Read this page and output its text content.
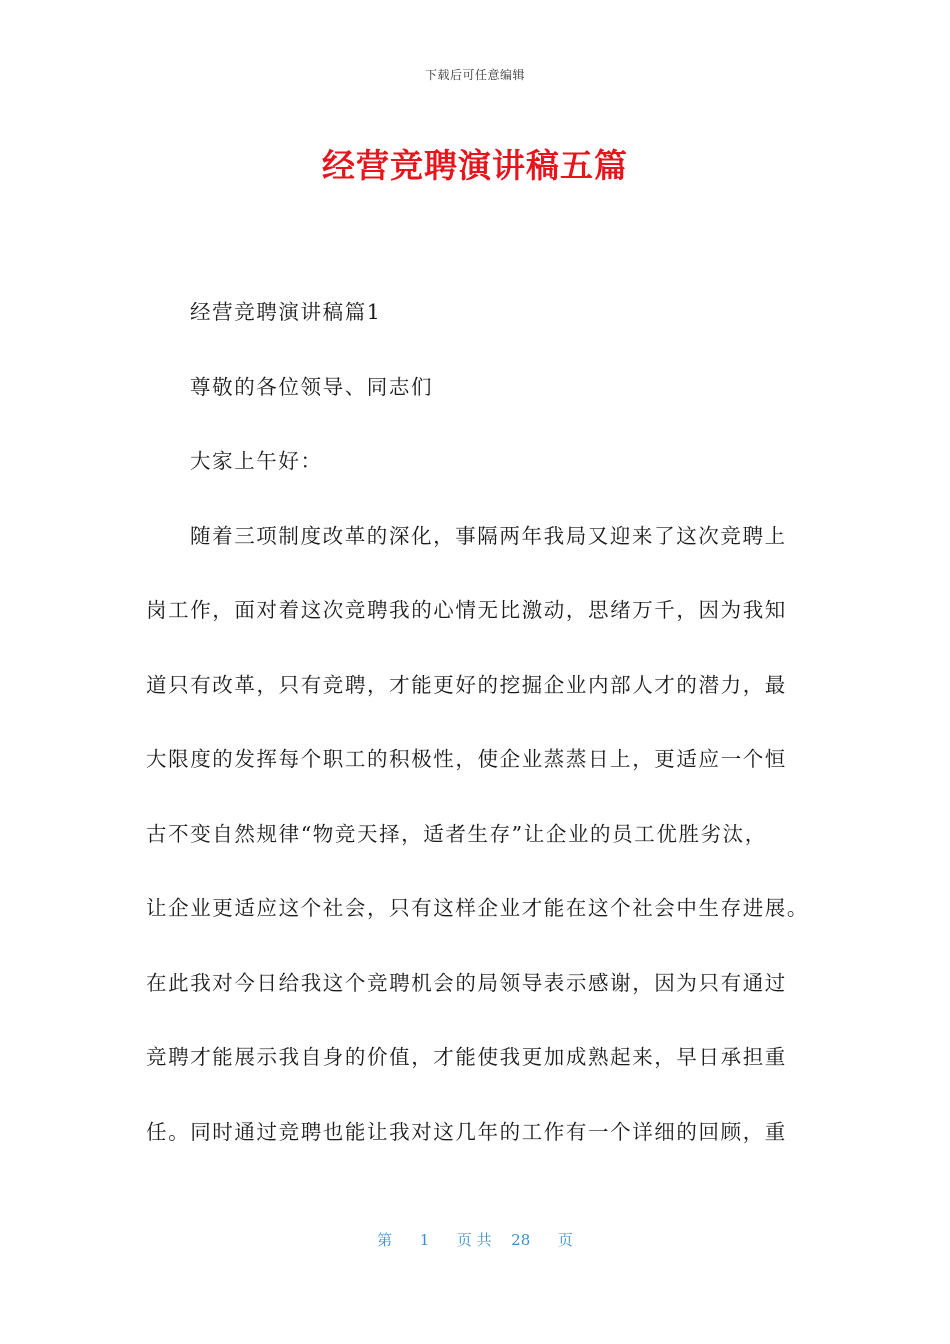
下载后可任意编辑
经营竞聘演讲稿五篇

经营竞聘演讲稿篇1

尊敬的各位领导、同志们

大家上午好：

随着三项制度改革的深化，事隔两年我局又迎来了这次竞聘上

岗工作，面对着这次竞聘我的心情无比激动，思绪万千，因为我知

道只有改革，只有竞聘，才能更好的挖掘企业内部人才的潜力，最

大限度的发挥每个职工的积极性，使企业蒸蒸日上，更适应一个恒

古不变自然规律“物竞天择，适者生存”让企业的员工优胜劣汰，

让企业更适应这个社会，只有这样企业才能在这个社会中生存进展。

在此我对今日给我这个竞聘机会的局领导表示感谢，因为只有通过

竞聘才能展示我自身的价值，才能使我更加成熟起来，早日承担重

任。同时通过竞聘也能让我对这几年的工作有一个详细的回顾，重

第 1 页 共 28 页
